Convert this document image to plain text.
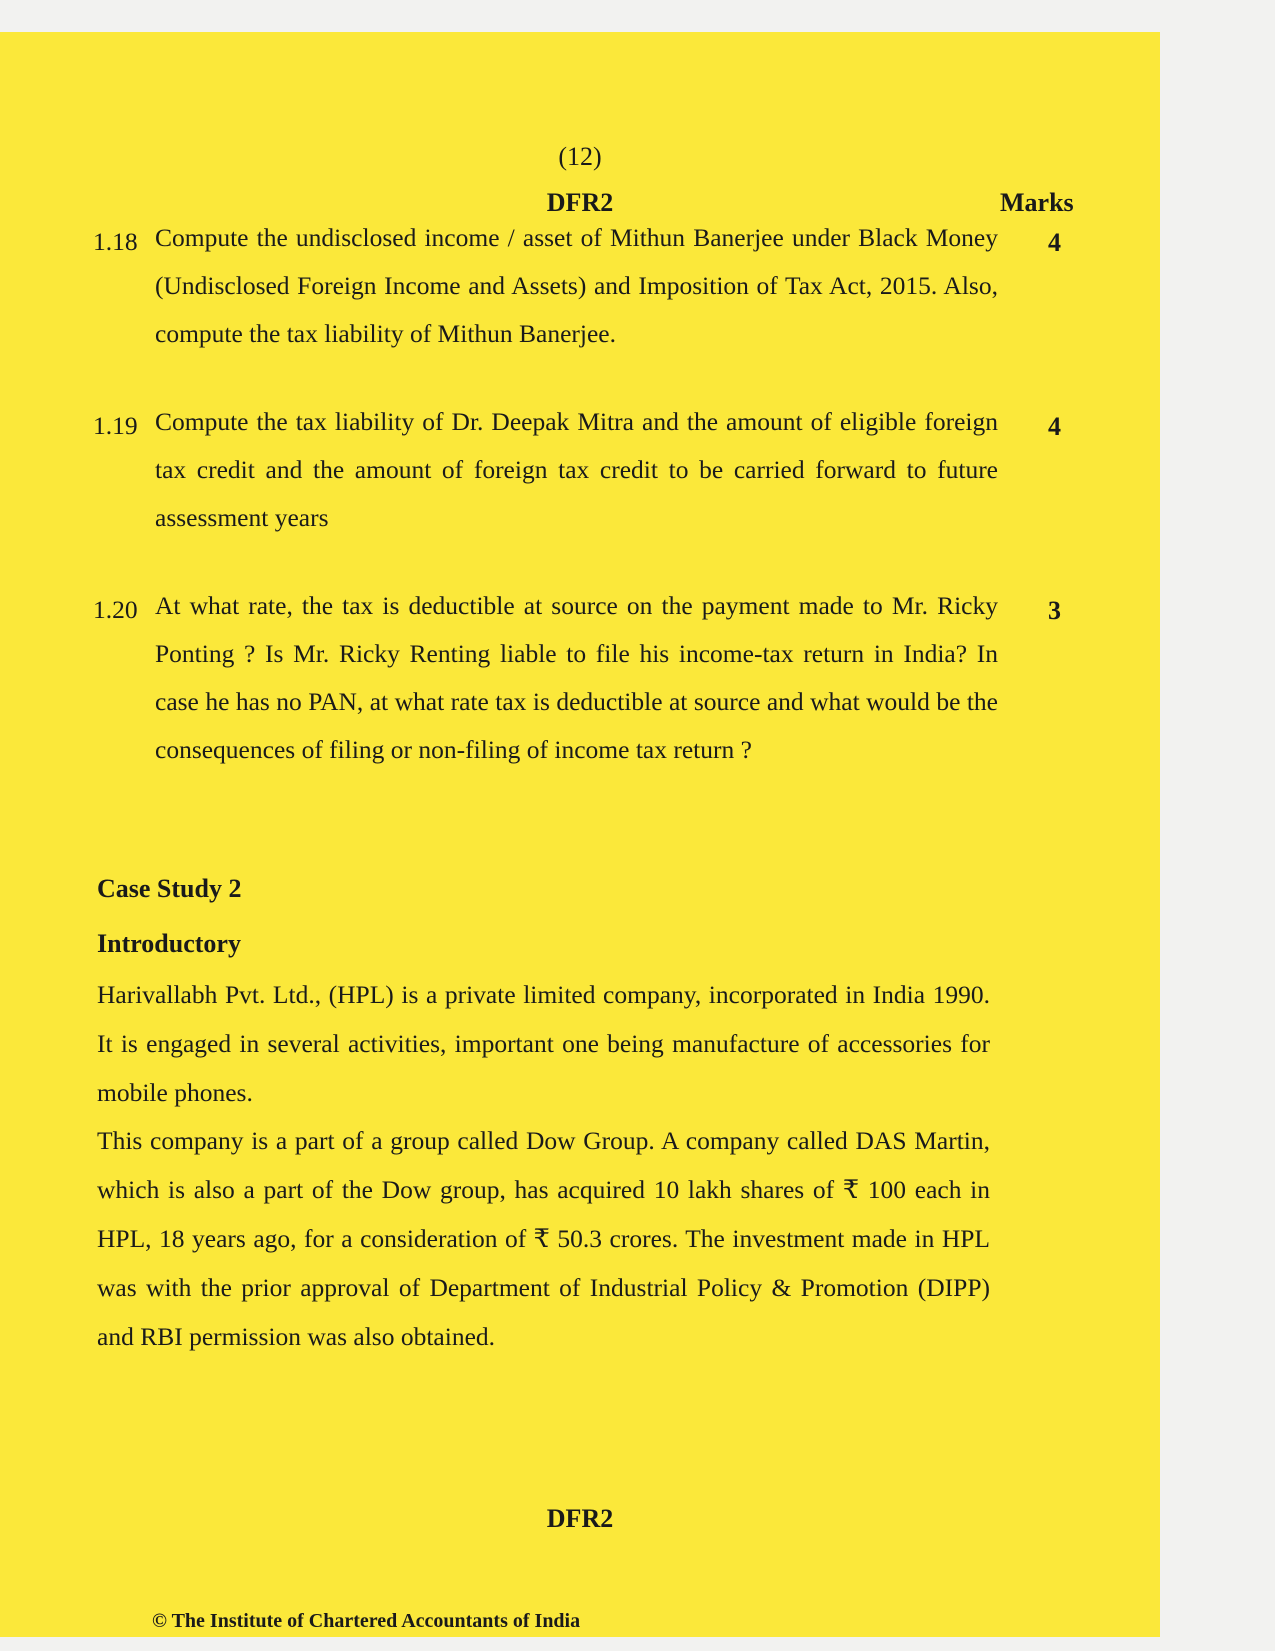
(12)
DFR2	Marks
1.18 Compute the undisclosed income / asset of Mithun Banerjee under Black Money (Undisclosed Foreign Income and Assets) and Imposition of Tax Act, 2015. Also, compute the tax liability of Mithun Banerjee.
4
1.19 Compute the tax liability of Dr. Deepak Mitra and the amount of eligible foreign tax credit and the amount of foreign tax credit to be carried forward to future assessment years
4
1.20 At what rate, the tax is deductible at source on the payment made to Mr. Ricky Ponting ? Is Mr. Ricky Renting liable to file his income-tax return in India? In case he has no PAN, at what rate tax is deductible at source and what would be the consequences of filing or non-filing of income tax return ?
3
Case Study 2
Introductory
Harivallabh Pvt. Ltd., (HPL) is a private limited company, incorporated in India 1990. It is engaged in several activities, important one being manufacture of accessories for mobile phones.
This company is a part of a group called Dow Group. A company called DAS Martin, which is also a part of the Dow group, has acquired 10 lakh shares of ₹ 100 each in HPL, 18 years ago, for a consideration of ₹ 50.3 crores. The investment made in HPL was with the prior approval of Department of Industrial Policy & Promotion (DIPP) and RBI permission was also obtained.
DFR2
© The Institute of Chartered Accountants of India
